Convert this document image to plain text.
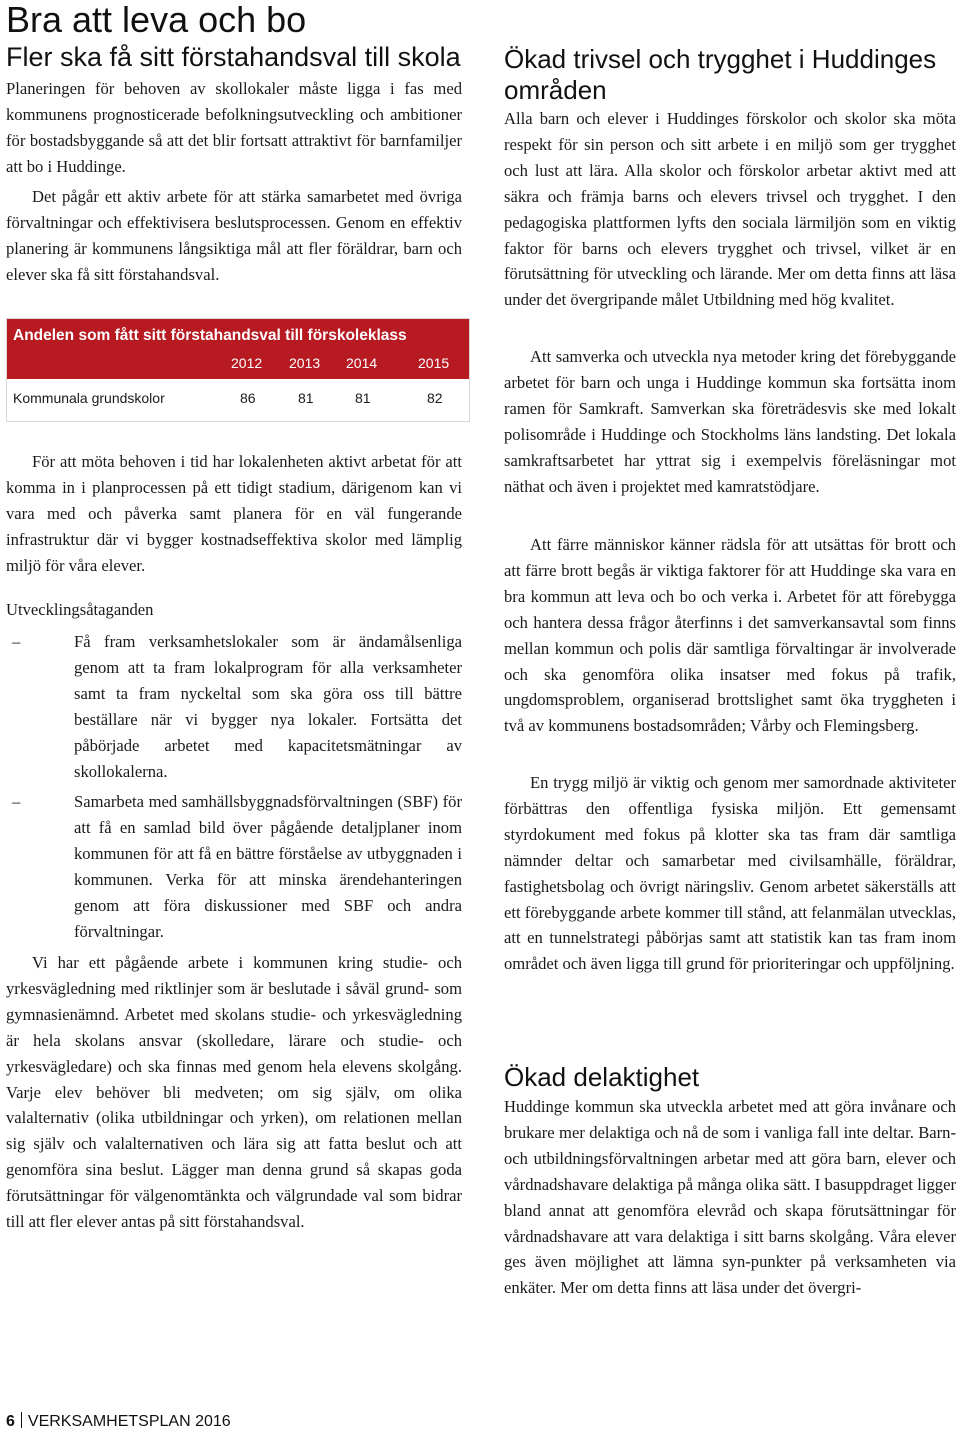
Bra att leva och bo
Fler ska få sitt förstahandsval till skola

Planeringen för behoven av skollokaler måste ligga i fas med kommunens prognosticerade befolkningsutveckling och ambitioner för bostadsbyggande så att det blir fortsatt attraktivt för barnfamiljer att bo i Huddinge.

Det pågår ett aktiv arbete för att stärka samarbetet med övriga förvaltningar och effektivisera beslutsprocessen. Genom en effektiv planering är kommunens långsiktiga mål att fler föräldrar, barn och elever ska få sitt förstahandsval.

Andelen som fått sitt förstahandsval till förskoleklass
2012 2013 2014	2015
Kommunala grundskolor	86	81	81	82

För att möta behoven i tid har lokalenheten aktivt arbetat för att komma in i planprocessen på ett tidigt stadium, därigenom kan vi vara med och påverka samt planera för en väl fungerande infrastruktur där vi bygger kostnadseffektiva skolor med lämplig miljö för våra elever.

Utvecklingsåtaganden

–	Få fram verksamhetslokaler som är ändamålsenliga genom att ta fram lokalprogram för alla verksamheter samt ta fram nyckeltal som ska göra oss till bättre beställare när vi bygger nya lokaler. Fortsätta det påbörjade arbetet med kapacitetsmätningar av skollokalerna.

–	Samarbeta med samhällsbyggnadsförvaltningen (SBF) för att få en samlad bild över pågående detaljplaner inom kommunen för att få en bättre förståelse av utbyggnaden i kommunen. Verka för att minska ärendehanteringen genom att föra diskussioner med SBF och andra förvaltningar.

Vi har ett pågående arbete i kommunen kring studie- och yrkesvägledning med riktlinjer som är beslutade i såväl grund- som gymnasienämnd. Arbetet med skolans studie- och yrkesvägledning är hela skolans ansvar (skolledare, lärare och studie- och yrkesvägledare) och ska finnas med genom hela elevens skolgång. Varje elev behöver bli medveten; om sig själv, om olika valalternativ (olika utbildningar och yrken), om relationen mellan sig själv och valalternativen och lära sig att fatta beslut och att genomföra sina beslut. Lägger man denna grund så skapas goda förutsättningar för välgenomtänkta och välgrundade val som bidrar till att fler elever antas på sitt förstahandsval.

Ökad trivsel och trygghet i Huddinges områden

Alla barn och elever i Huddinges förskolor och skolor ska möta respekt för sin person och sitt arbete i en miljö som ger trygghet och lust att lära. Alla skolor och förskolor arbetar aktivt med att säkra och främja barns och elevers trivsel och trygghet. I den pedagogiska plattformen lyfts den sociala lärmiljön som en viktig faktor för barns och elevers trygghet och trivsel, vilket är en förutsättning för utveckling och lärande. Mer om detta finns att läsa under det övergripande målet Utbildning med hög kvalitet.

Att samverka och utveckla nya metoder kring det förebyggande arbetet för barn och unga i Huddinge kommun ska fortsätta inom ramen för Samkraft. Samverkan ska företrädesvis ske med lokalt polisområde i Huddinge och Stockholms läns landsting. Det lokala samkraftsarbetet har yttrat sig i exempelvis föreläsningar mot näthat och även i projektet med kamratstödjare.

Att färre människor känner rädsla för att utsättas för brott och att färre brott begås är viktiga faktorer för att Huddinge ska vara en bra kommun att leva och bo och verka i. Arbetet för att förebygga och hantera dessa frågor återfinns i det samverkansavtal som finns mellan kommun och polis där samtliga förvaltingar är involverade och ska genomföra olika insatser med fokus på trafik, ungdomsproblem, organiserad brottslighet samt öka tryggheten i två av kommunens bostadsområden; Vårby och Flemingsberg.

En trygg miljö är viktig och genom mer samordnade aktiviteter förbättras den offentliga fysiska miljön. Ett gemensamt styrdokument med fokus på klotter ska tas fram där samtliga nämnder deltar och samarbetar med civilsamhälle, föräldrar, fastighetsbolag och övrigt näringsliv. Genom arbetet säkerställs att ett förebyggande arbete kommer till stånd, att felanmälan utvecklas, att en tunnelstrategi påbörjas samt att statistik kan tas fram inom området och även ligga till grund för prioriteringar och uppföljning.

Ökad delaktighet

Huddinge kommun ska utveckla arbetet med att göra invånare och brukare mer delaktiga och nå de som i vanliga fall inte deltar. Barn- och utbildningsförvaltningen arbetar med att göra barn, elever och vårdnadshavare delaktiga på många olika sätt. I basuppdraget ligger bland annat att genomföra elevråd och skapa förutsättningar för vårdnadshavare att vara delaktiga i sitt barns skolgång. Våra elever ges även möjlighet att lämna syn-punkter på verksamheten via enkäter. Mer om detta finns att läsa under det övergri-

6 VERKSAMHETSPLAN 2016
